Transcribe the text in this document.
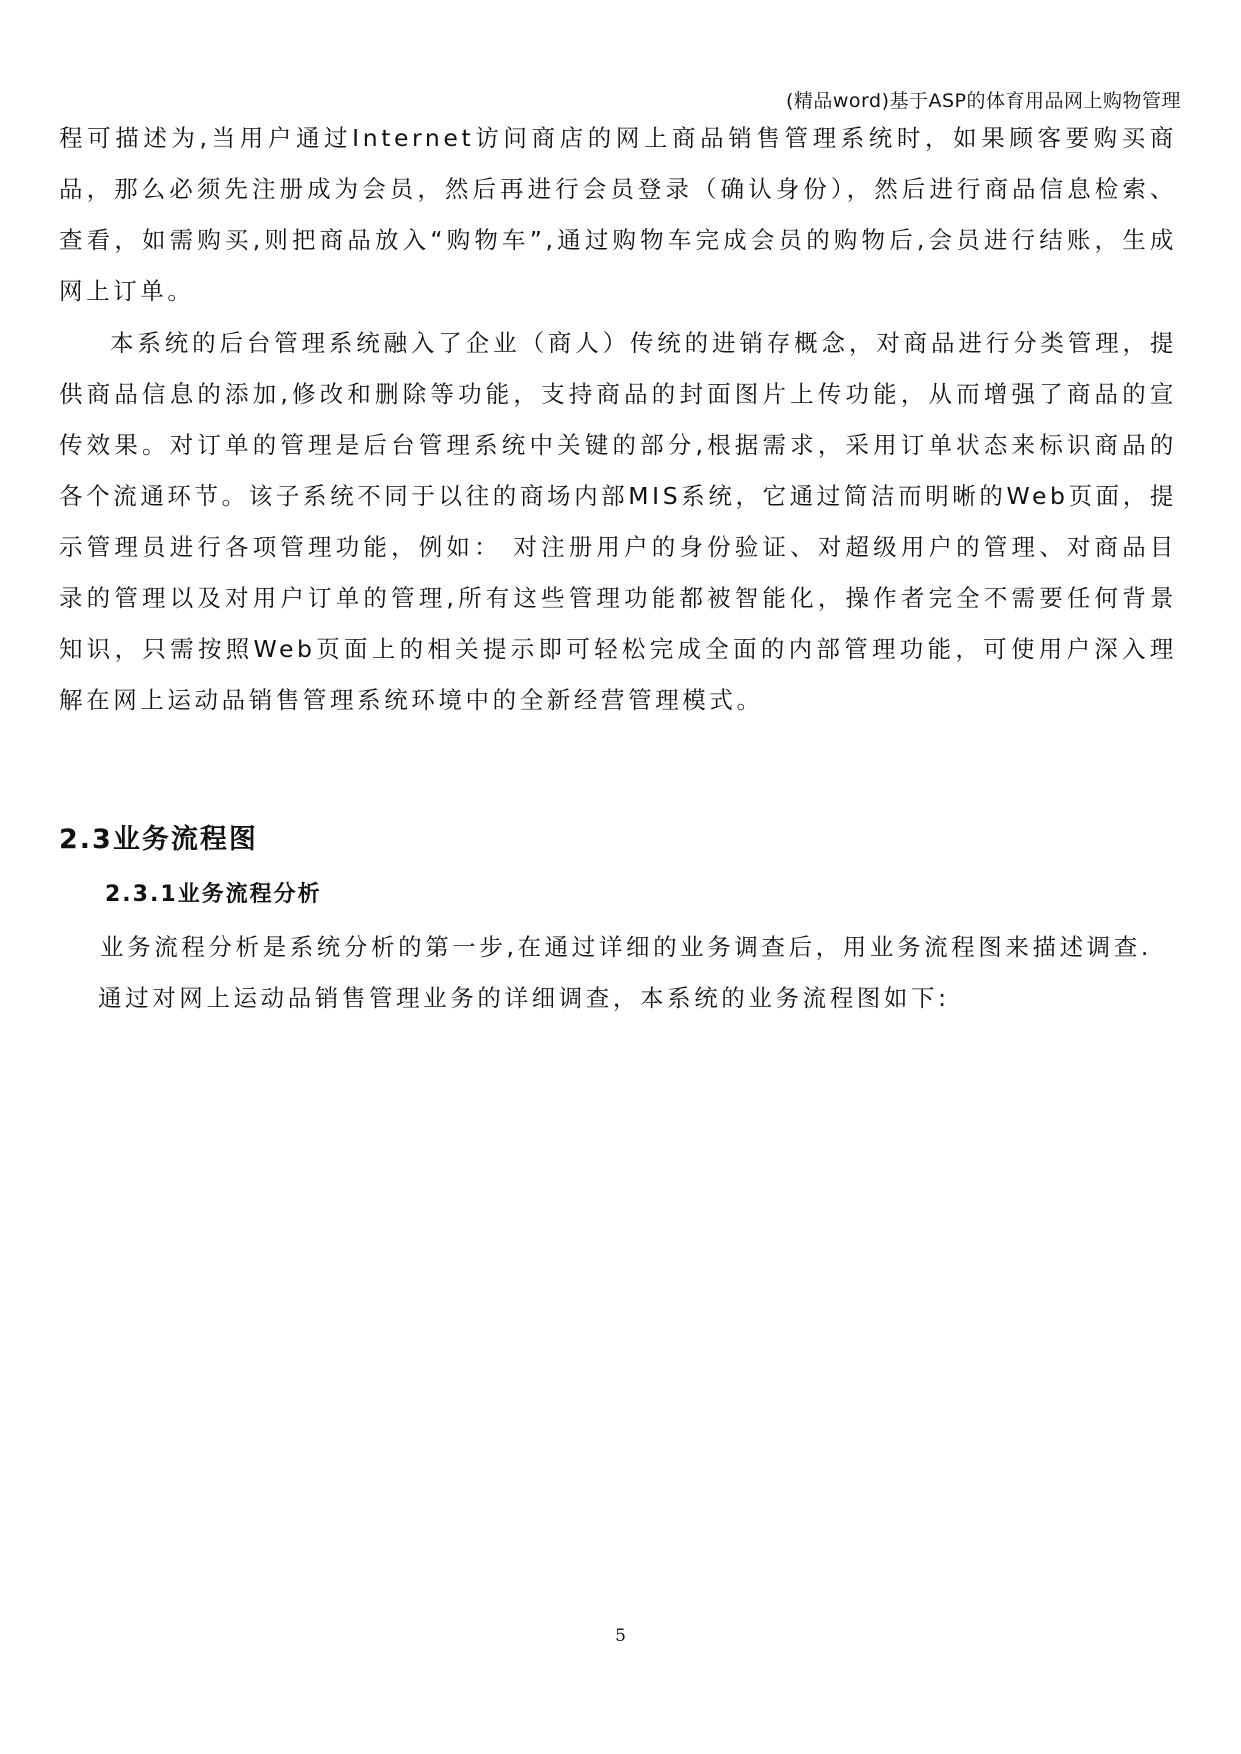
(精品word)基于ASP的体育用品网上购物管理

程可描述为,当用户通过Internet访问商店的网上商品销售管理系统时，如果顾客要购买商品，那么必须先注册成为会员，然后再进行会员登录（确认身份），然后进行商品信息检索、查看，如需购买,则把商品放入“购物车”,通过购物车完成会员的购物后,会员进行结账，生成网上订单。

本系统的后台管理系统融入了企业（商人）传统的进销存概念，对商品进行分类管理，提供商品信息的添加,修改和删除等功能，支持商品的封面图片上传功能，从而增强了商品的宣传效果。对订单的管理是后台管理系统中关键的部分,根据需求，采用订单状态来标识商品的各个流通环节。该子系统不同于以往的商场内部MIS系统，它通过简洁而明晰的Web页面，提示管理员进行各项管理功能，例如： 对注册用户的身份验证、对超级用户的管理、对商品目录的管理以及对用户订单的管理,所有这些管理功能都被智能化，操作者完全不需要任何背景知识，只需按照Web页面上的相关提示即可轻松完成全面的内部管理功能，可使用户深入理解在网上运动品销售管理系统环境中的全新经营管理模式。

2.3业务流程图
2.3.1业务流程分析

业务流程分析是系统分析的第一步,在通过详细的业务调查后，用业务流程图来描述调查.
通过对网上运动品销售管理业务的详细调查，本系统的业务流程图如下:

5
